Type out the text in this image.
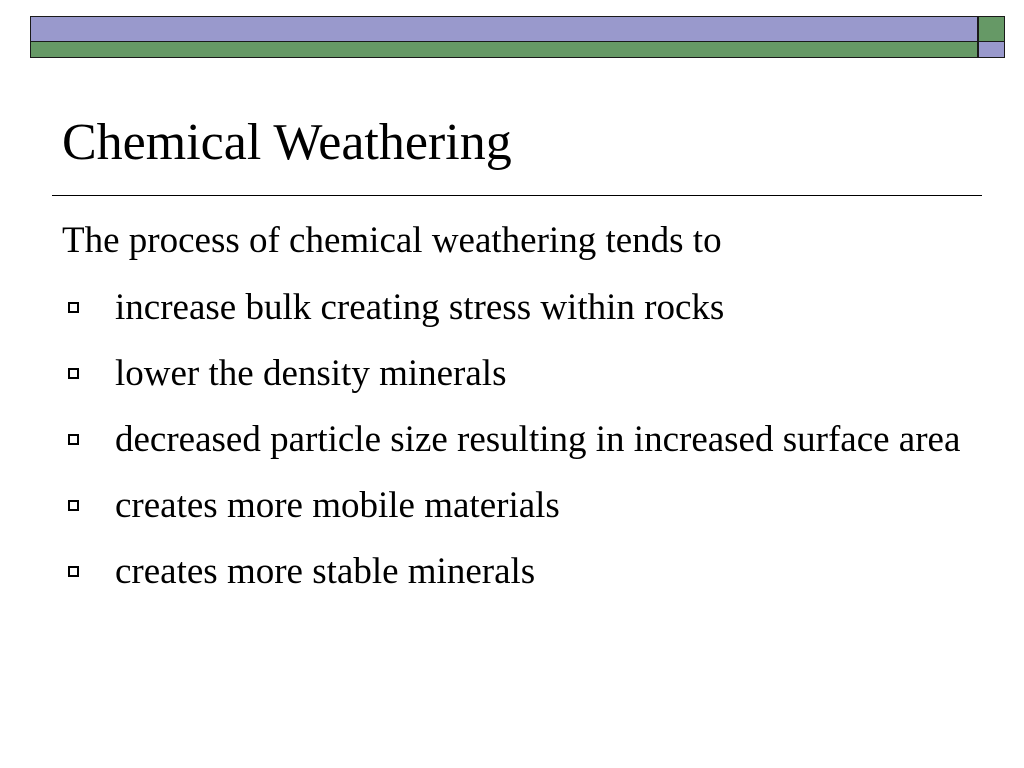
Chemical Weathering

The process of chemical weathering tends to

increase bulk creating stress within rocks
lower the density minerals
decreased particle size resulting in increased surface area
creates more mobile materials
creates more stable minerals
